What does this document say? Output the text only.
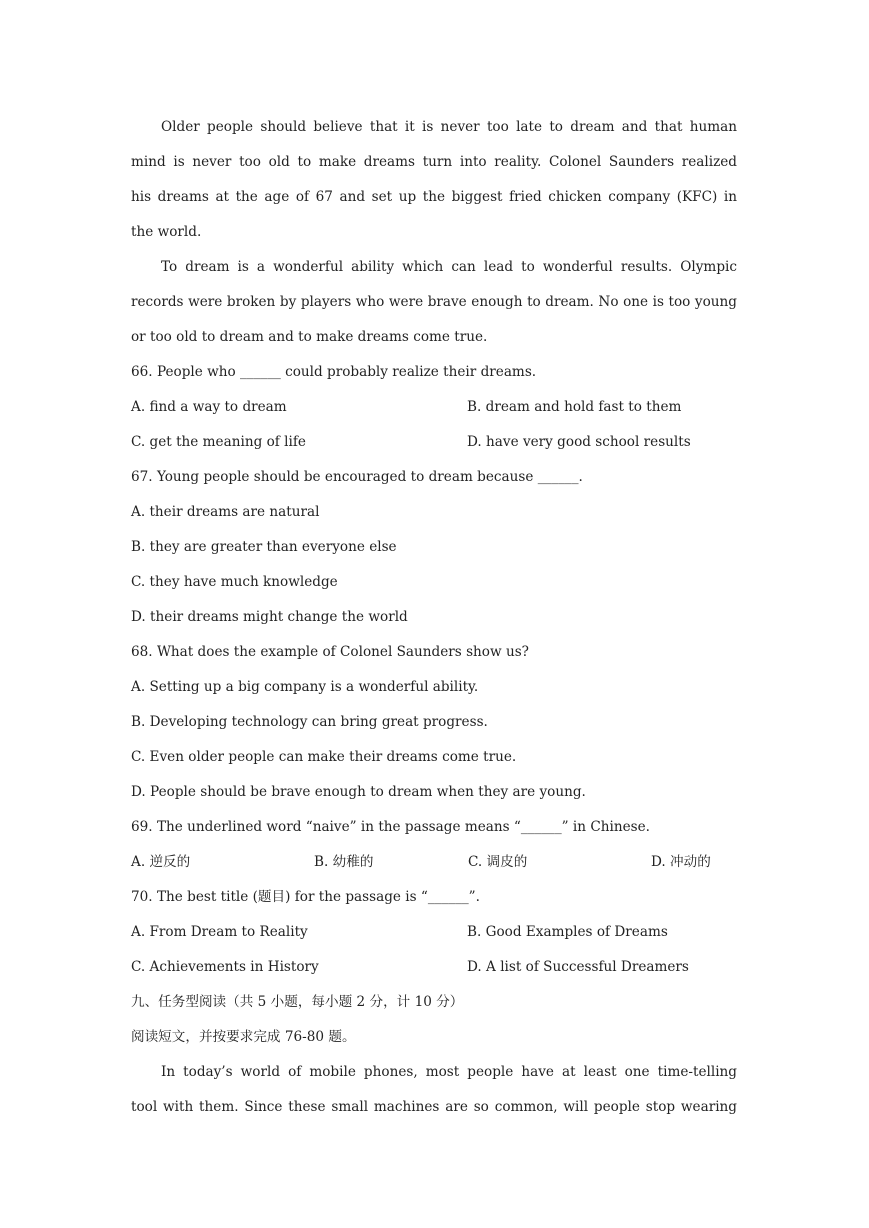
Older people should believe that it is never too late to dream and that human
mind is never too old to make dreams turn into reality. Colonel Saunders realized
his dreams at the age of 67 and set up the biggest fried chicken company (KFC) in
the world.
To dream is a wonderful ability which can lead to wonderful results. Olympic
records were broken by players who were brave enough to dream. No one is too young
or too old to dream and to make dreams come true.
66. People who ______ could probably realize their dreams.
A. find a way to dream	B. dream and hold fast to them
C. get the meaning of life	D. have very good school results
67. Young people should be encouraged to dream because ______.
A. their dreams are natural
B. they are greater than everyone else
C. they have much knowledge
D. their dreams might change the world
68. What does the example of Colonel Saunders show us?
A. Setting up a big company is a wonderful ability.
B. Developing technology can bring great progress.
C. Even older people can make their dreams come true.
D. People should be brave enough to dream when they are young.
69. The underlined word “naive” in the passage means “______” in Chinese.
A. 逆反的	B. 幼稚的	C. 调皮的	D. 冲动的
70. The best title (题目) for the passage is “______”.
A. From Dream to Reality	B. Good Examples of Dreams
C. Achievements in History	D. A list of Successful Dreamers
九、任务型阅读（共 5 小题，每小题 2 分，计 10 分）
阅读短文，并按要求完成 76-80 题。
In today’s world of mobile phones, most people have at least one time-telling
tool with them. Since these small machines are so common, will people stop wearing
